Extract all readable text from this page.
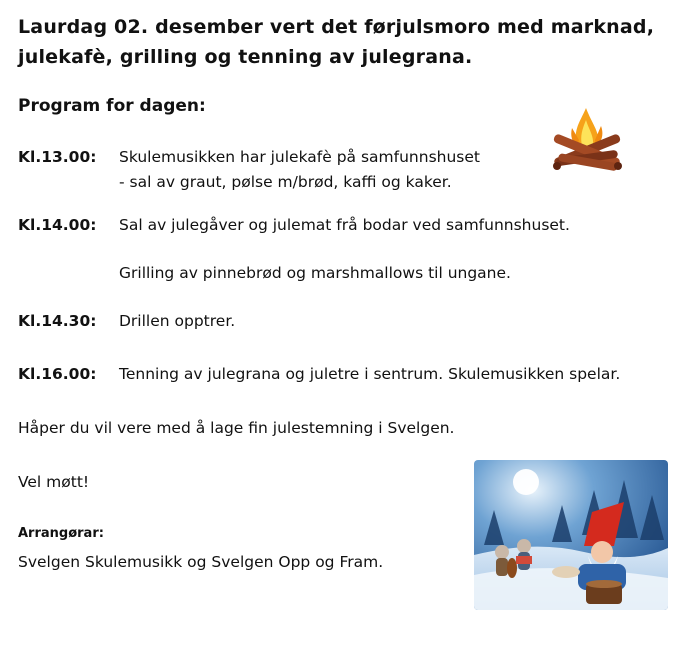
Laurdag 02. desember vert det førjulsmoro med marknad,
julekafè, grilling og tenning av julegrana.
Program for dagen:
Kl.13.00:	Skulemusikken har julekafè på samfunnshuset
- sal av graut, pølse m/brød, kaffi og kaker.
Kl.14.00:	Sal av julegåver og julemat frå bodar ved samfunnshuset.
Grilling av pinnebrød og marshmallows til ungane.
Kl.14.30:	Drillen opptrer.
Kl.16.00:	Tenning av julegrana og juletre i sentrum. Skulemusikken spelar.
Håper du vil vere med å lage fin julestemning i Svelgen.
Vel møtt!
Arrangørar:
Svelgen Skulemusikk og Svelgen Opp og Fram.
